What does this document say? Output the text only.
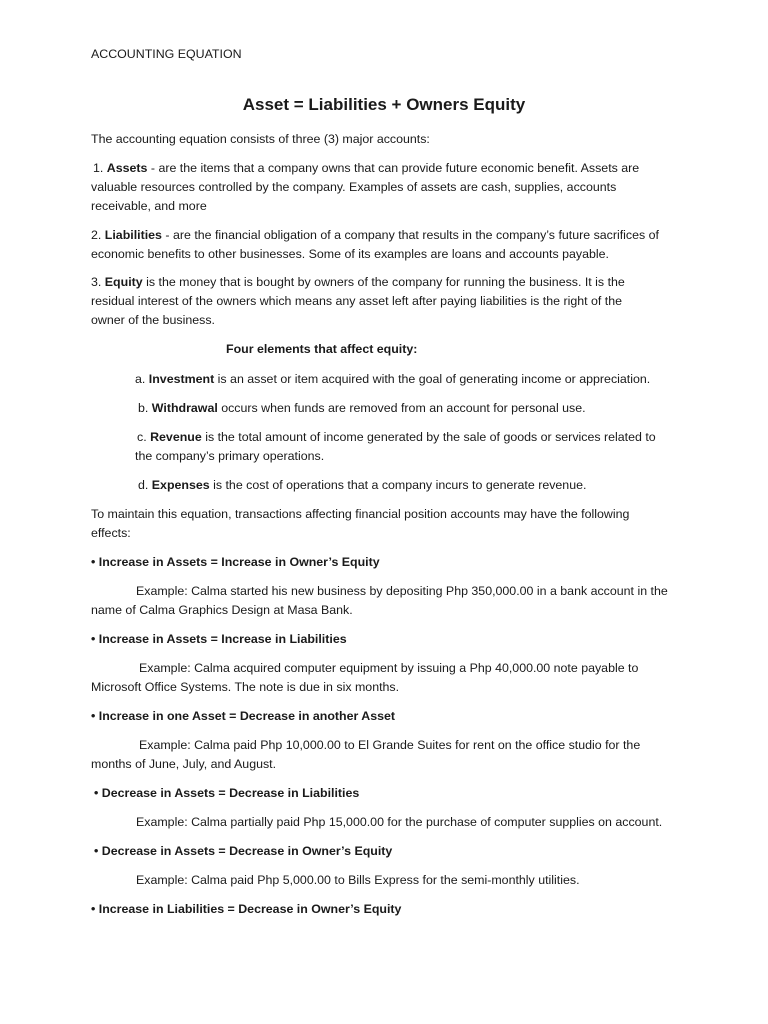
ACCOUNTING EQUATION

Asset = Liabilities + Owners Equity

The accounting equation consists of three (3) major accounts:

1. Assets - are the items that a company owns that can provide future economic benefit. Assets are

valuable resources controlled by the company. Examples of assets are cash, supplies, accounts

receivable, and more

2. Liabilities - are the financial obligation of a company that results in the company’s future sacrifices of

economic benefits to other businesses. Some of its examples are loans and accounts payable.

3. Equity is the money that is bought by owners of the company for running the business. It is the

residual interest of the owners which means any asset left after paying liabilities is the right of the

owner of the business.

Four elements that affect equity:

a. Investment is an asset or item acquired with the goal of generating income or appreciation.

b. Withdrawal occurs when funds are removed from an account for personal use.

c. Revenue is the total amount of income generated by the sale of goods or services related to

the company’s primary operations.

d. Expenses is the cost of operations that a company incurs to generate revenue.

To maintain this equation, transactions affecting financial position accounts may have the following

effects:

• Increase in Assets = Increase in Owner’s Equity

Example: Calma started his new business by depositing Php 350,000.00 in a bank account in the

name of Calma Graphics Design at Masa Bank.

• Increase in Assets = Increase in Liabilities

Example: Calma acquired computer equipment by issuing a Php 40,000.00 note payable to

Microsoft Office Systems. The note is due in six months.

• Increase in one Asset = Decrease in another Asset

Example: Calma paid Php 10,000.00 to El Grande Suites for rent on the office studio for the

months of June, July, and August.

• Decrease in Assets = Decrease in Liabilities

Example: Calma partially paid Php 15,000.00 for the purchase of computer supplies on account.

• Decrease in Assets = Decrease in Owner’s Equity

Example: Calma paid Php 5,000.00 to Bills Express for the semi-monthly utilities.

• Increase in Liabilities = Decrease in Owner’s Equity
